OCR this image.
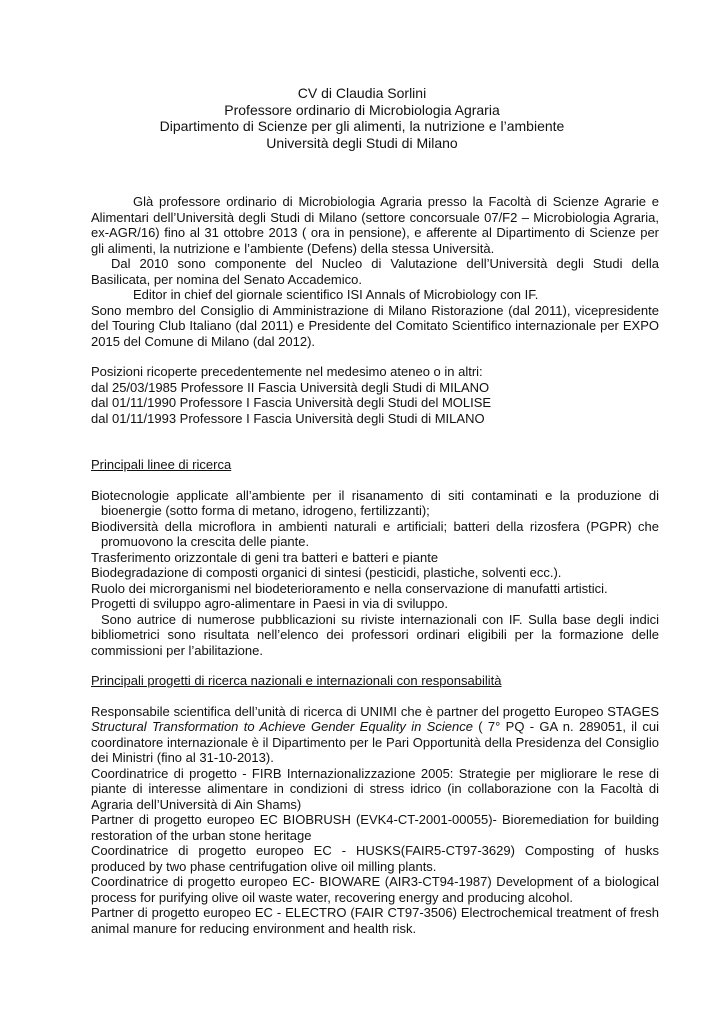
CV di Claudia Sorlini
Professore ordinario di Microbiologia Agraria
Dipartimento di Scienze per gli alimenti, la nutrizione e l’ambiente
Università degli Studi di Milano

Glà professore ordinario di Microbiologia Agraria presso la Facoltà di Scienze Agrarie e Alimentari dell’Università degli Studi di Milano (settore concorsuale 07/F2 – Microbiologia Agraria, ex-AGR/16) fino al 31 ottobre 2013 ( ora in pensione), e afferente al Dipartimento di Scienze per gli alimenti, la nutrizione e l’ambiente (Defens) della stessa Università.

Dal 2010 sono componente del Nucleo di Valutazione dell’Università degli Studi della Basilicata, per nomina del Senato Accademico.

Editor in chief del giornale scientifico ISI Annals of Microbiology con IF.

Sono membro del Consiglio di Amministrazione di Milano Ristorazione (dal 2011), vicepresidente del Touring Club Italiano (dal 2011) e Presidente del Comitato Scientifico internazionale per EXPO 2015 del Comune di Milano (dal 2012).

Posizioni ricoperte precedentemente nel medesimo ateneo o in altri:

dal 25/03/1985 Professore II Fascia Università degli Studi di MILANO

dal 01/11/1990 Professore I Fascia Università degli Studi del MOLISE

dal 01/11/1993 Professore I Fascia Università degli Studi di MILANO

Principali linee di ricerca

Biotecnologie applicate all’ambiente per il risanamento di siti contaminati e la produzione di bioenergie (sotto forma di metano, idrogeno, fertilizzanti);

Biodiversità della microflora in ambienti naturali e artificiali; batteri della rizosfera (PGPR) che promuovono la crescita delle piante.

Trasferimento orizzontale di geni tra batteri e batteri e piante

Biodegradazione di composti organici di sintesi (pesticidi, plastiche, solventi ecc.).

Ruolo dei microrganismi nel biodeterioramento e nella conservazione di manufatti artistici.

Progetti di sviluppo agro-alimentare in Paesi in via di sviluppo.

Sono autrice di numerose pubblicazioni su riviste internazionali con IF. Sulla base degli indici bibliometrici sono risultata nell’elenco dei professori ordinari eligibili per la formazione delle commissioni per l’abilitazione.

Principali progetti di ricerca nazionali e internazionali con responsabilità

Responsabile scientifica dell’unità di ricerca di UNIMI che è partner del progetto Europeo STAGES Structural Transformation to Achieve Gender Equality in Science ( 7° PQ - GA n. 289051, il cui coordinatore internazionale è il Dipartimento per le Pari Opportunità della Presidenza del Consiglio dei Ministri (fino al 31-10-2013).

Coordinatrice di progetto - FIRB Internazionalizzazione 2005: Strategie per migliorare le rese di piante di interesse alimentare in condizioni di stress idrico (in collaborazione con la Facoltà di Agraria dell’Università di Ain Shams)

Partner di progetto europeo EC BIOBRUSH (EVK4-CT-2001-00055)- Bioremediation for building restoration of the urban stone heritage

Coordinatrice di progetto europeo EC - HUSKS(FAIR5-CT97-3629) Composting of husks produced by two phase centrifugation olive oil milling plants.

Coordinatrice di progetto europeo EC- BIOWARE (AIR3-CT94-1987) Development of a biological process for purifying olive oil waste water, recovering energy and producing alcohol.

Partner di progetto europeo EC - ELECTRO (FAIR CT97-3506) Electrochemical treatment of fresh animal manure for reducing environment and health risk.
